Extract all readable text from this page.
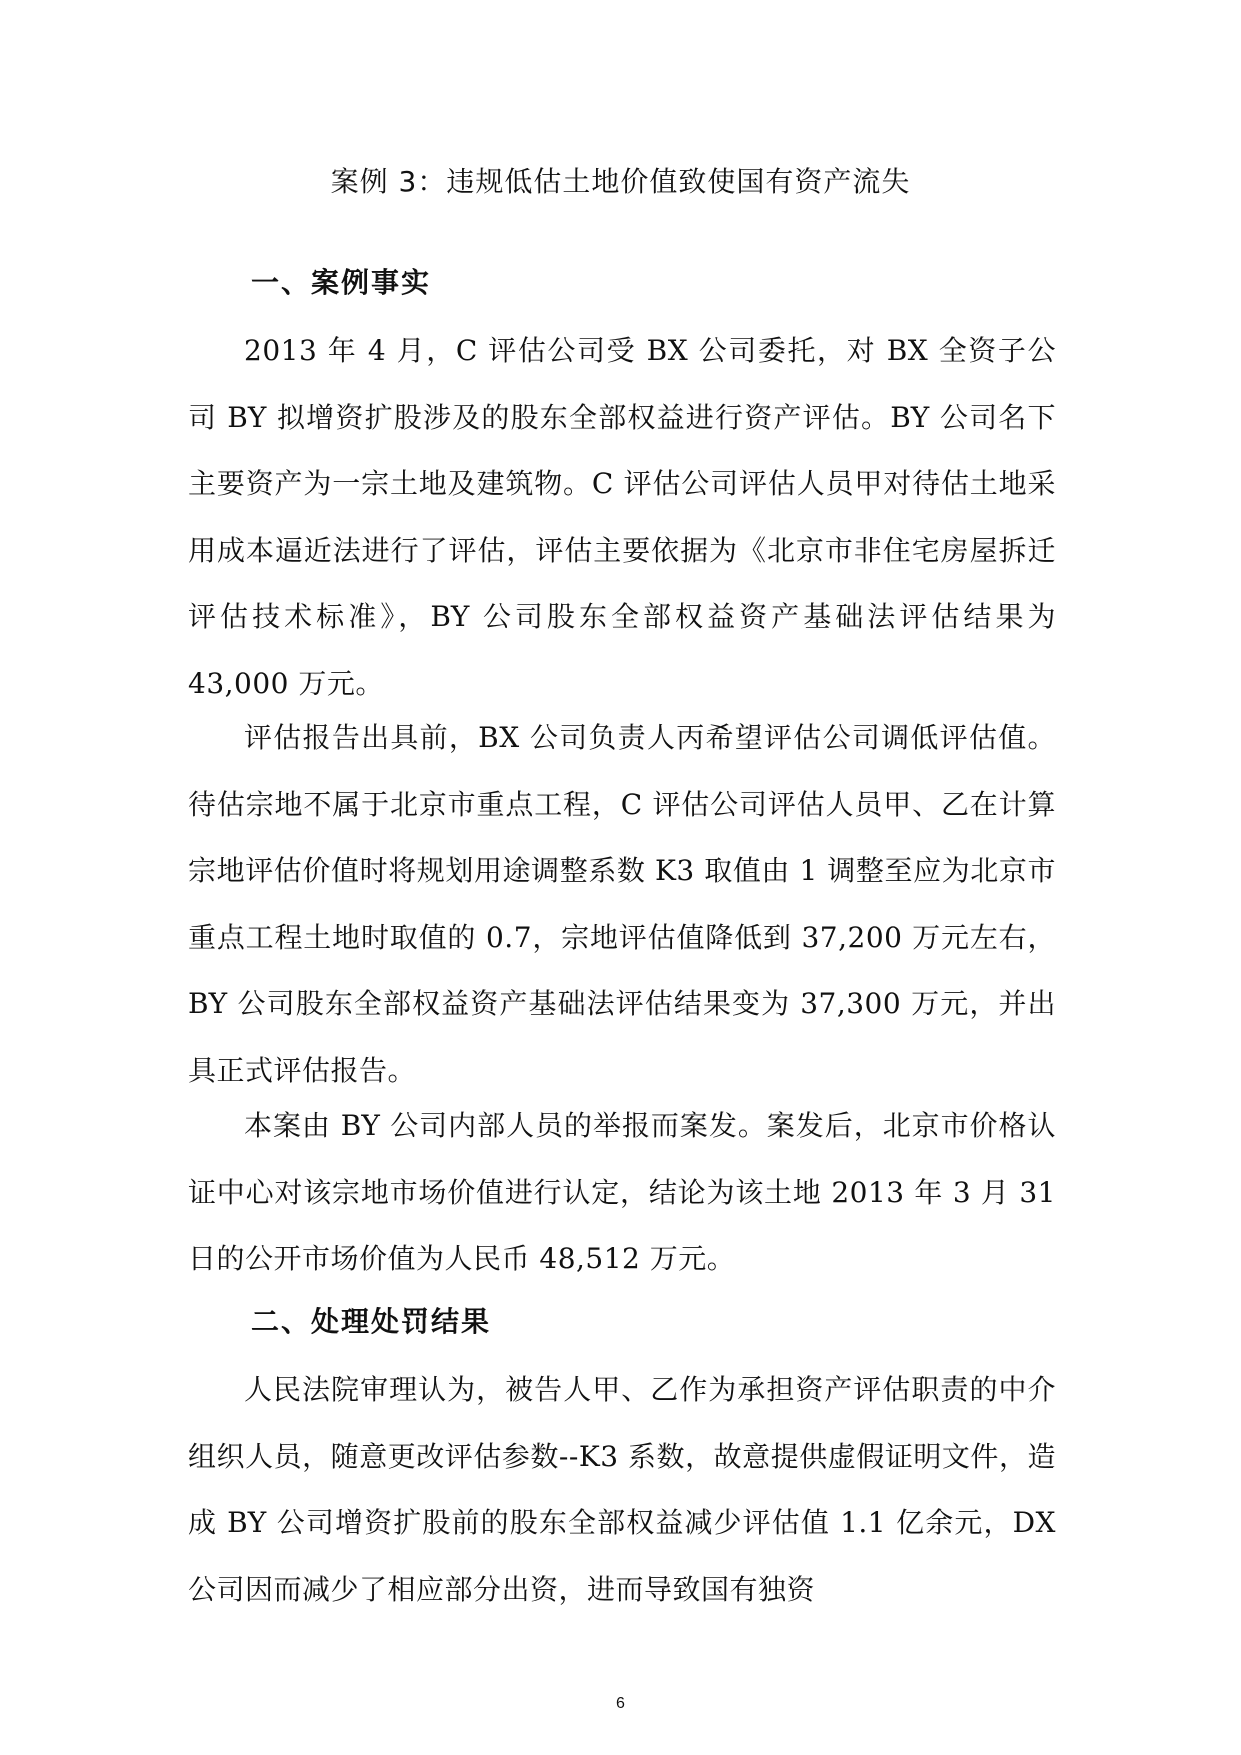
案例 3：违规低估土地价值致使国有资产流失
一、案例事实

2013 年 4 月，C 评估公司受 BX 公司委托，对 BX 全资子公司 BY 拟增资扩股涉及的股东全部权益进行资产评估。BY 公司名下主要资产为一宗土地及建筑物。C 评估公司评估人员甲对待估土地采用成本逼近法进行了评估，评估主要依据为《北京市非住宅房屋拆迁评估技术标准》，BY 公司股东全部权益资产基础法评估结果为 43,000 万元。

评估报告出具前，BX 公司负责人丙希望评估公司调低评估值。待估宗地不属于北京市重点工程，C 评估公司评估人员甲、乙在计算宗地评估价值时将规划用途调整系数 K3 取值由 1 调整至应为北京市重点工程土地时取值的 0.7，宗地评估值降低到 37,200 万元左右，BY 公司股东全部权益资产基础法评估结果变为 37,300 万元，并出具正式评估报告。

本案由 BY 公司内部人员的举报而案发。案发后，北京市价格认证中心对该宗地市场价值进行认定，结论为该土地 2013 年 3 月 31 日的公开市场价值为人民币 48,512 万元。

二、处理处罚结果

人民法院审理认为，被告人甲、乙作为承担资产评估职责的中介组织人员，随意更改评估参数--K3 系数，故意提供虚假证明文件，造成 BY 公司增资扩股前的股东全部权益减少评估值 1.1 亿余元，DX 公司因而减少了相应部分出资，进而导致国有独资

6
